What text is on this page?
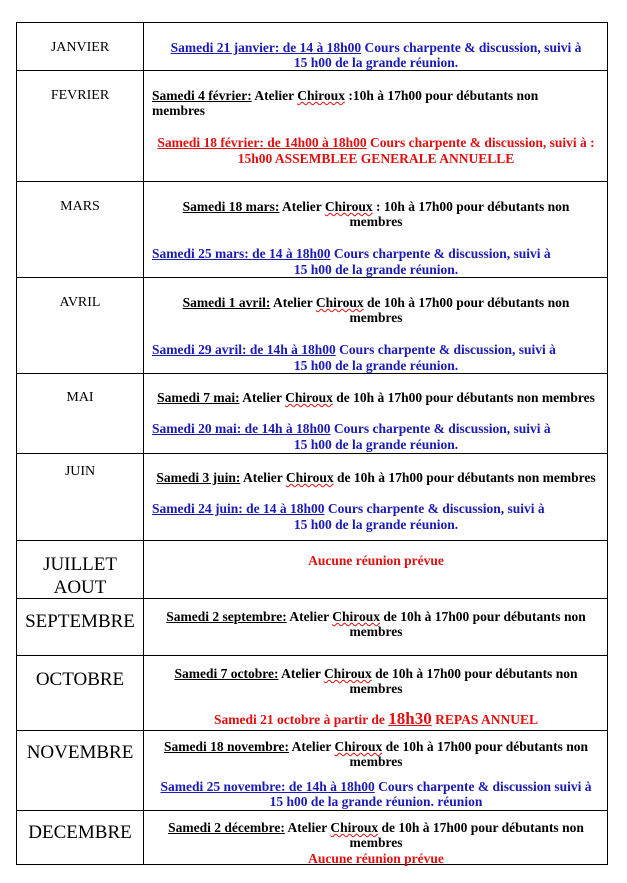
JANVIER
FEVRIER
MARS
AVRIL
MAI
JUIN
JUILLET
AOUT
SEPTEMBRE
OCTOBRE
NOVEMBRE
DECEMBRE
Samedi 21 janvier: de 14 à 18h00 Cours charpente & discussion, suivi à
15 h00 de la grande réunion.
Samedi 4 février: Atelier Chiroux :10h à 17h00 pour débutants non
membres
Samedi 18 février: de 14h00 à 18h00 Cours charpente & discussion, suivi à :
15h00 ASSEMBLEE GENERALE ANNUELLE
Samedi 18 mars: Atelier Chiroux : 10h à 17h00 pour débutants non
membres
Samedi 25 mars: de 14 à 18h00 Cours charpente & discussion, suivi à
15 h00 de la grande réunion.
Samedi 1 avril: Atelier Chiroux de 10h à 17h00 pour débutants non
membres
Samedi 29 avril: de 14h à 18h00 Cours charpente & discussion, suivi à
15 h00 de la grande réunion.
Samedi 7 mai: Atelier Chiroux de 10h à 17h00 pour débutants non membres
Samedi 20 mai: de 14h à 18h00 Cours charpente & discussion, suivi à
15 h00 de la grande réunion.
Samedi 3 juin: Atelier Chiroux de 10h à 17h00 pour débutants non membres
Samedi 24 juin: de 14 à 18h00 Cours charpente & discussion, suivi à
15 h00 de la grande réunion.
Aucune réunion prévue
Samedi 2 septembre: Atelier Chiroux de 10h à 17h00 pour débutants non
membres
Samedi 7 octobre: Atelier Chiroux de 10h à 17h00 pour débutants non
membres
Samedi 21 octobre à partir de 18h30 REPAS ANNUEL
Samedi 18 novembre: Atelier Chiroux de 10h à 17h00 pour débutants non
membres
Samedi 25 novembre: de 14h à 18h00 Cours charpente & discussion suivi à
15 h00 de la grande réunion. réunion
Samedi 2 décembre: Atelier Chiroux de 10h à 17h00 pour débutants non
membres
Aucune réunion prévue
